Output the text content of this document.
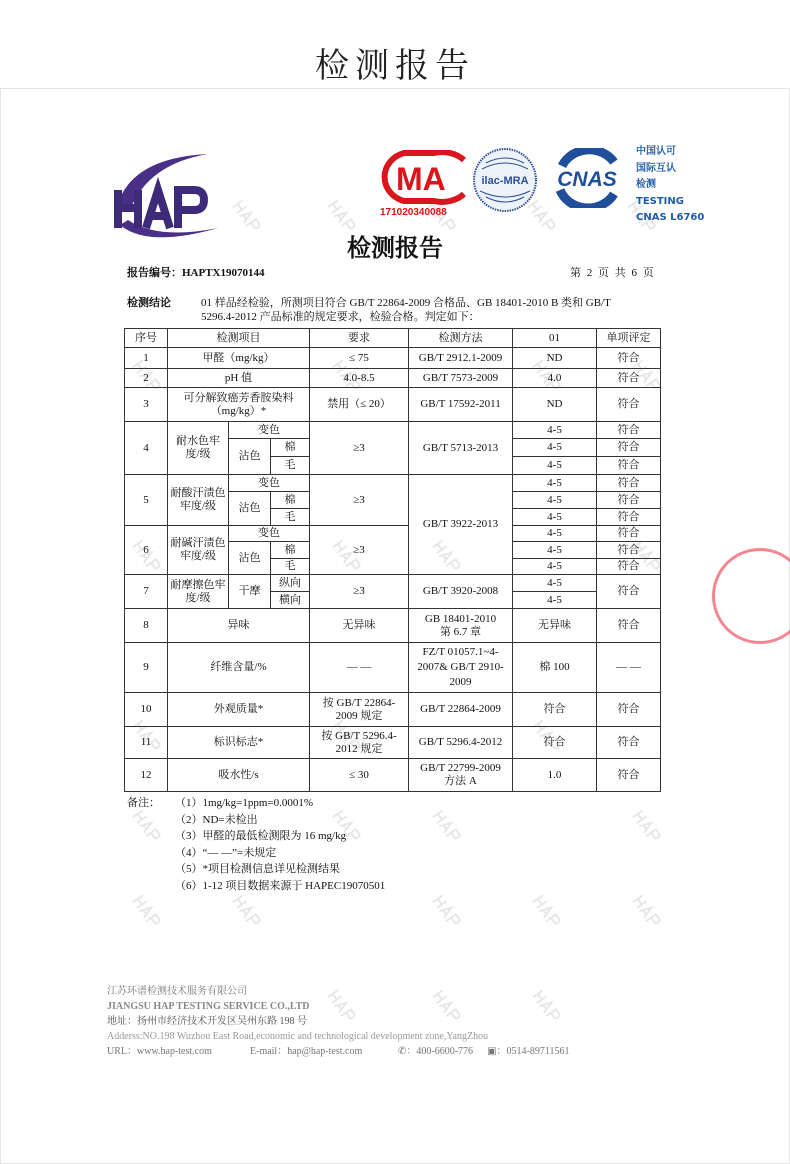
检测报告
MA
171020340088
ilac-MRA CNAS
中国认可
国际互认
检测
TESTING
CNAS L6760
检测报告
报告编号：HAPTX19070144	第 2 页 共 6 页
检测结论	01 样品经检验，所测项目符合 GB/T 22864-2009 合格品、GB 18401-2010 B 类和 GB/T
5296.4-2012 产品标准的规定要求，检验合格。判定如下：
序号	检测项目			要求	检测方法	01	单项评定
1	甲醛（mg/kg）			≤ 75	GB/T 2912.1-2009	ND	符合
2	pH 值			4.0-8.5	GB/T 7573-2009	4.0	符合
3	可分解致癌芳香胺染料（mg/kg）*			禁用（≤ 20）	GB/T 17592-2011	ND	符合
4	耐水色牢度/级	变色		≥3	GB/T 5713-2013	4-5	符合
		沾色	棉			4-5	符合
			毛			4-5	符合
5	耐酸汗渍色牢度/级	变色		≥3	GB/T 3922-2013	4-5	符合
		沾色	棉			4-5	符合
			毛			4-5	符合
6	耐碱汗渍色牢度/级	变色		≥3		4-5	符合
		沾色	棉			4-5	符合
			毛			4-5	符合
7	耐摩擦色牢度/级	干摩	纵向	≥3	GB/T 3920-2008	4-5	符合
			横向			4-5	
8	异味			无异味	GB 18401-2010 第 6.7 章	无异味	符合
9	纤维含量/%			— —	FZ/T 01057.1~4-2007& GB/T 2910-2009	棉 100	— —
10	外观质量*			按 GB/T 22864-2009 规定	GB/T 22864-2009	符合	符合
11	标识标志*			按 GB/T 5296.4-2012 规定	GB/T 5296.4-2012	符合	符合
12	吸水性/s			≤ 30	GB/T 22799-2009 方法 A	1.0	符合
备注：	（1）1mg/kg=1ppm=0.0001%
（2）ND=未检出
（3）甲醛的最低检测限为 16 mg/kg
（4）“— —”=未规定
（5）*项目检测信息详见检测结果
（6）1-12 项目数据来源于 HAPEC19070501
江苏环谱检测技术服务有限公司
JIANGSU HAP TESTING SERVICE CO.,LTD
地址：扬州市经济技术开发区吴州东路 198 号
Adderss:NO.198 Wuzhou East Road,economic and technological development zone,YangZhou
URL：www.hap-test.com	E-mail：hap@hap-test.com	✆ ：400-6600-776 ▣ ：0514-89711561
